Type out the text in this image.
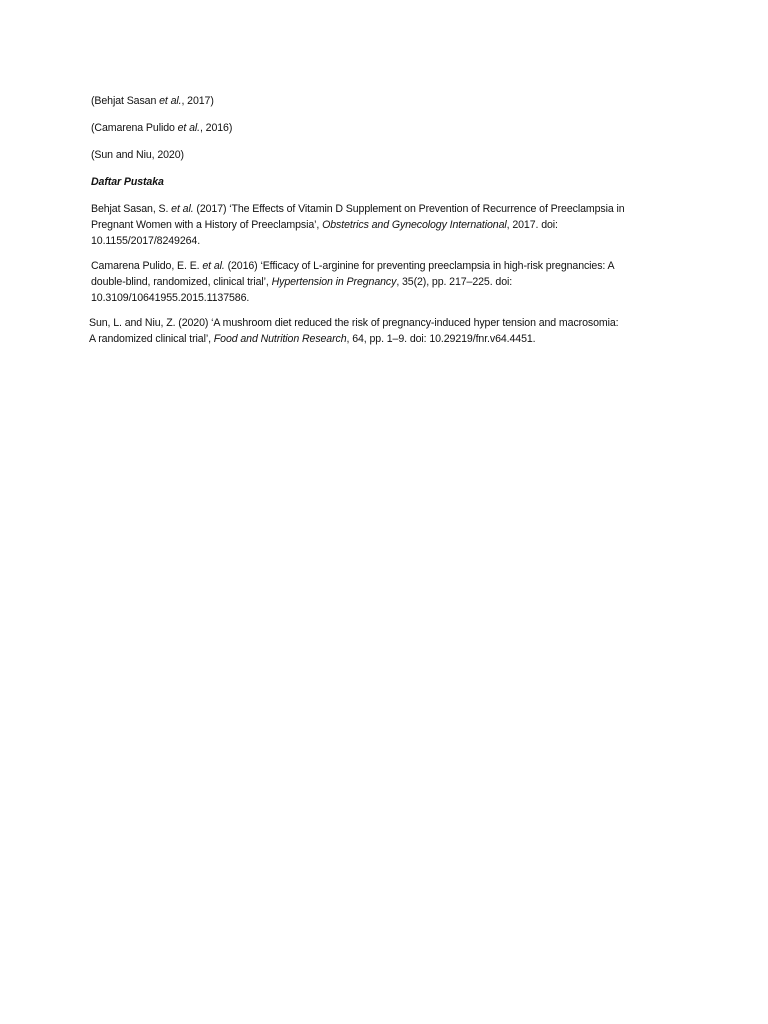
(Behjat Sasan et al., 2017)

(Camarena Pulido et al., 2016)

(Sun and Niu, 2020)

Daftar Pustaka

Behjat Sasan, S. et al. (2017) ‘The Effects of Vitamin D Supplement on Prevention of Recurrence of Preeclampsia in
Pregnant Women with a History of Preeclampsia’, Obstetrics and Gynecology International, 2017. doi:
10.1155/2017/8249264.
Camarena Pulido, E. E. et al. (2016) ‘Efficacy of L-arginine for preventing preeclampsia in high-risk pregnancies: A
double-blind, randomized, clinical trial’, Hypertension in Pregnancy, 35(2), pp. 217–225. doi:
10.3109/10641955.2015.1137586.
Sun, L. and Niu, Z. (2020) ‘A mushroom diet reduced the risk of pregnancy-induced hyper tension and macrosomia:
A randomized clinical trial’, Food and Nutrition Research, 64, pp. 1–9. doi: 10.29219/fnr.v64.4451.
